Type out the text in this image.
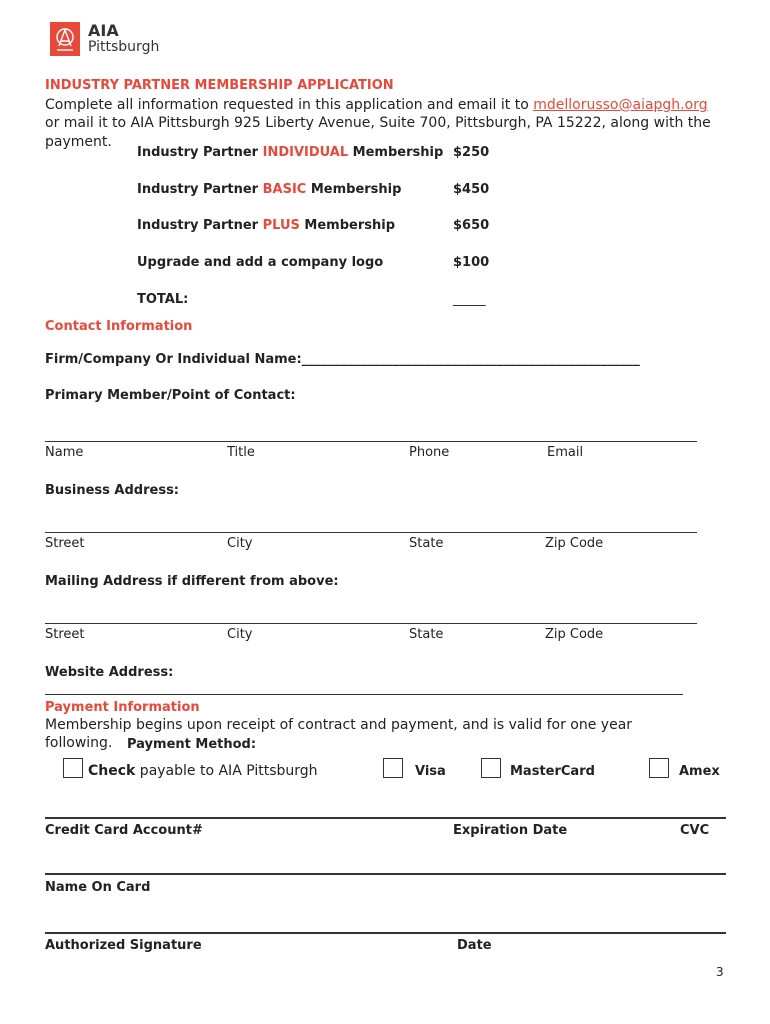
AIA
Pittsburgh
INDUSTRY PARTNER MEMBERSHIP APPLICATION
Complete all information requested in this application and email it to mdellorusso@aiapgh.org
or mail it to AIA Pittsburgh 925 Liberty Avenue, Suite 700, Pittsburgh, PA 15222, along with the
payment.
Industry Partner INDIVIDUAL Membership $250
Industry Partner BASIC Membership	$450
Industry Partner PLUS Membership	$650
Upgrade and add a company logo	$100
TOTAL:	_____
Contact Information
Firm/Company Or Individual Name:____________________________________________________
Primary Member/Point of Contact:
Name	Title	Phone	Email
Business Address:
Street	City	State	Zip Code
Mailing Address if different from above:
Street	City	State	Zip Code
Website Address:
Payment Information
Membership begins upon receipt of contract and payment, and is valid for one year
following. Payment Method:
Check payable to AIA Pittsburgh	Visa	MasterCard	Amex
Credit Card Account#	Expiration Date	CVC
Name On Card
Authorized Signature	Date
3
